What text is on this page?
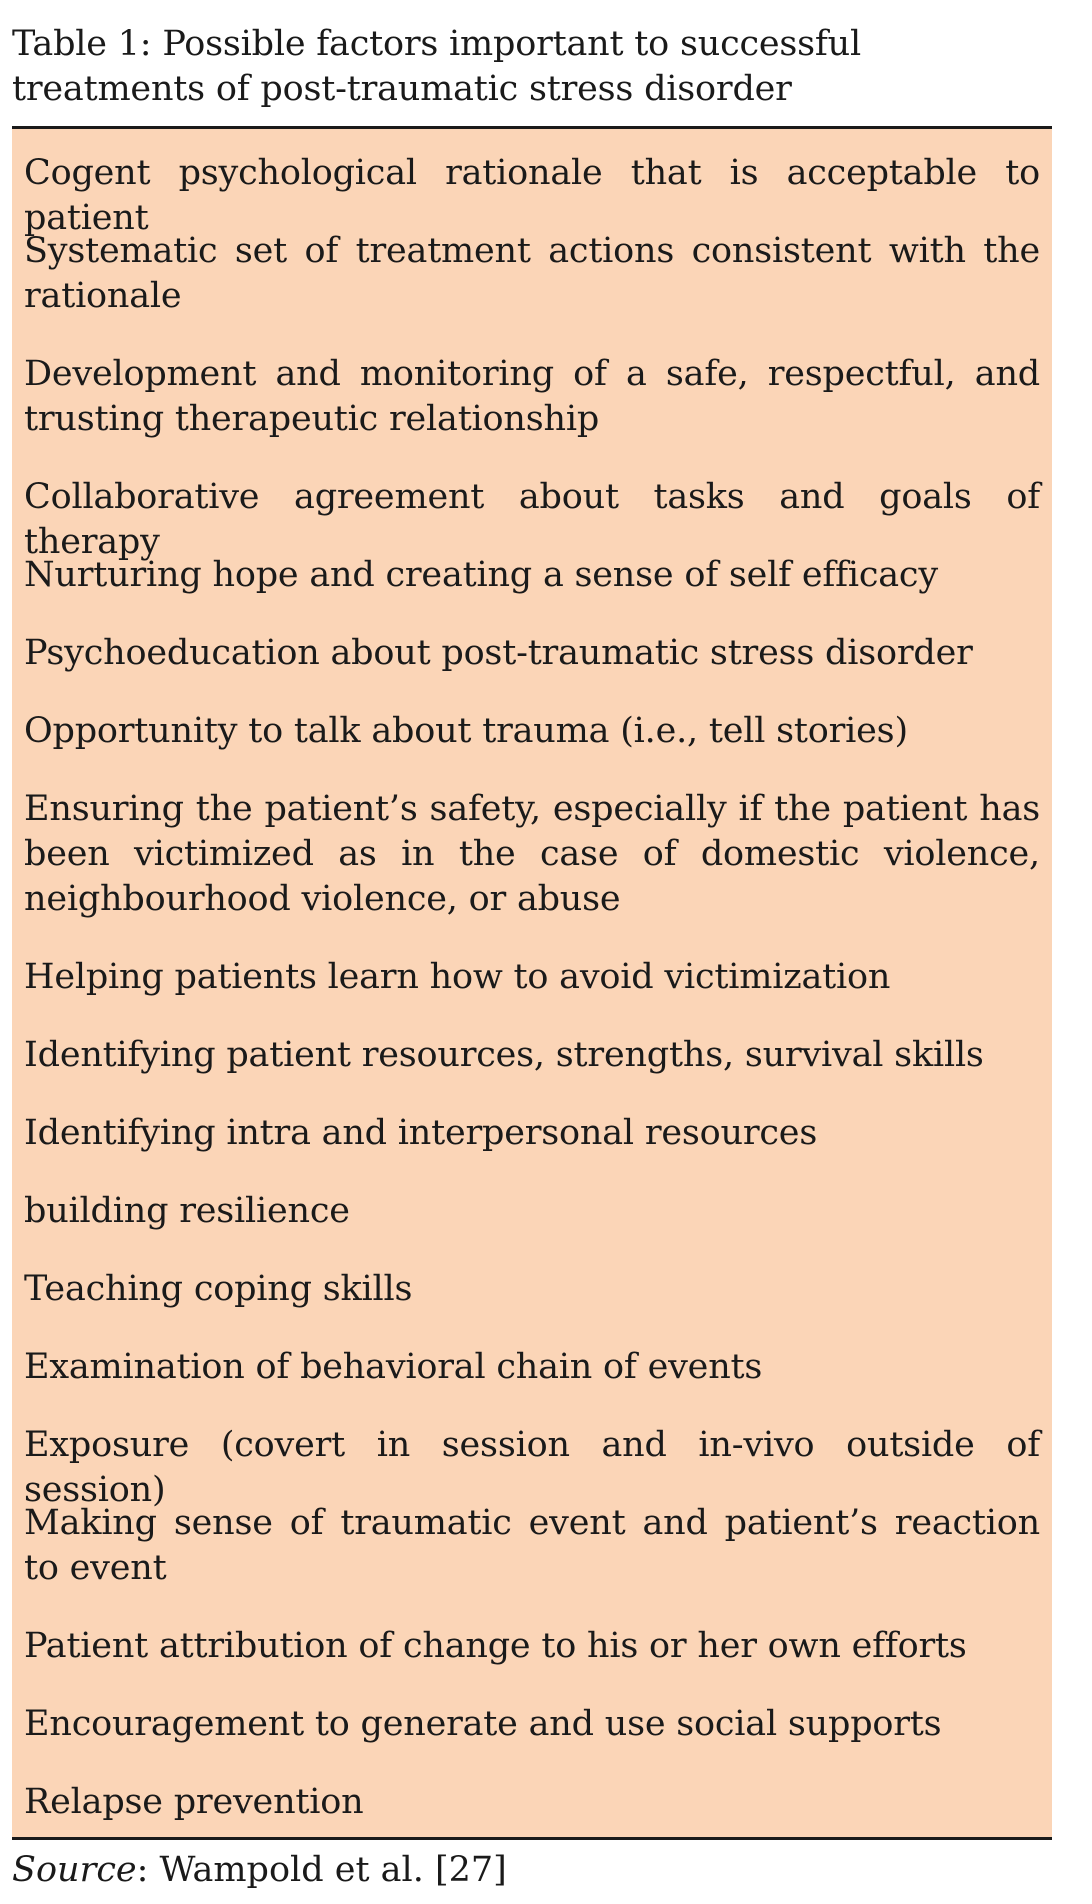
Table 1: Possible factors important to successful treatments of post-traumatic stress disorder
Cogent psychological rationale that is acceptable to patient
Systematic set of treatment actions consistent with the rationale
Development and monitoring of a safe, respectful, and trusting therapeutic relationship
Collaborative agreement about tasks and goals of therapy
Nurturing hope and creating a sense of self efficacy
Psychoeducation about post-traumatic stress disorder
Opportunity to talk about trauma (i.e., tell stories)
Ensuring the patient’s safety, especially if the patient has been victimized as in the case of domestic violence, neighbourhood violence, or abuse
Helping patients learn how to avoid victimization
Identifying patient resources, strengths, survival skills
Identifying intra and interpersonal resources
building resilience
Teaching coping skills
Examination of behavioral chain of events
Exposure (covert in session and in-vivo outside of session)
Making sense of traumatic event and patient’s reaction to event
Patient attribution of change to his or her own efforts
Encouragement to generate and use social supports
Relapse prevention
Source: Wampold et al. [27]
